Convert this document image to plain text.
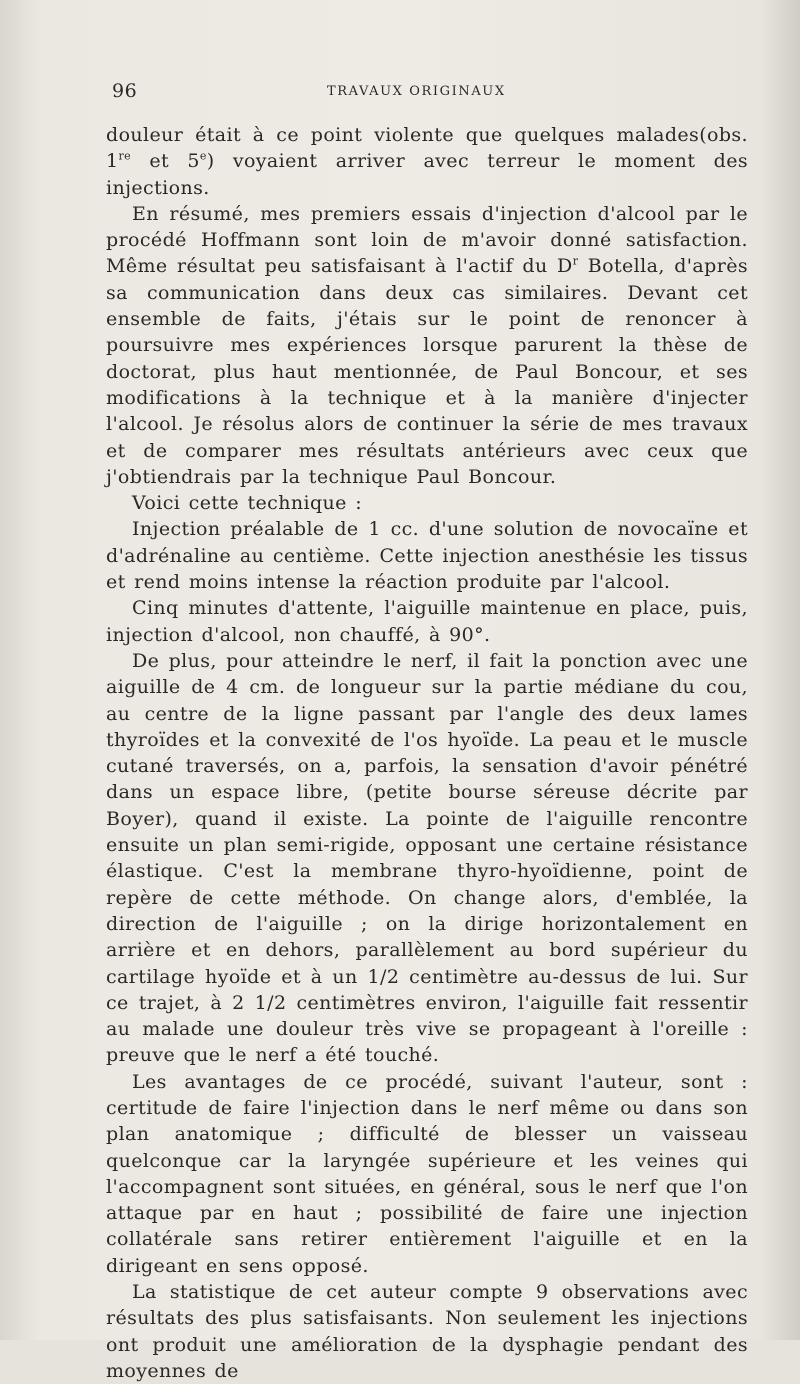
96	TRAVAUX ORIGINAUX

douleur était à ce point violente que quelques malades(obs. 1re et 5e) voyaient arriver avec terreur le moment des injections.

En résumé, mes premiers essais d'injection d'alcool par le procédé Hoffmann sont loin de m'avoir donné satisfaction. Même résultat peu satisfaisant à l'actif du $D^r$ Botella, d'après sa communication dans deux cas similaires. Devant cet ensemble de faits, j'étais sur le point de renoncer à poursuivre mes expériences lorsque parurent la thèse de doctorat, plus haut mentionnée, de Paul Boncour, et ses modifications à la technique et à la manière d'injecter l'alcool. Je résolus alors de continuer la série de mes travaux et de comparer mes résultats antérieurs avec ceux que j'obtiendrais par la technique Paul Boncour.

Voici cette technique :

Injection préalable de 1 cc. d'une solution de novocaïne et d'adrénaline au centième. Cette injection anesthésie les tissus et rend moins intense la réaction produite par l'alcool.

Cinq minutes d'attente, l'aiguille maintenue en place, puis, injection d'alcool, non chauffé, à 90°.

De plus, pour atteindre le nerf, il fait la ponction avec une aiguille de 4 cm. de longueur sur la partie médiane du cou, au centre de la ligne passant par l'angle des deux lames thyroïdes et la convexité de l'os hyoïde. La peau et le muscle cutané traversés, on a, parfois, la sensation d'avoir pénétré dans un espace libre, (petite bourse séreuse décrite par Boyer), quand il existe. La pointe de l'aiguille rencontre ensuite un plan semi-rigide, opposant une certaine résistance élastique. C'est la membrane thyro-hyoïdienne, point de repère de cette méthode. On change alors, d'emblée, la direction de l'aiguille ; on la dirige horizontalement en arrière et en dehors, parallèlement au bord supérieur du cartilage hyoïde et à un 1/2 centimètre au-dessus de lui. Sur ce trajet, à 2 1/2 centimètres environ, l'aiguille fait ressentir au malade une douleur très vive se propageant à l'oreille : preuve que le nerf a été touché.

Les avantages de ce procédé, suivant l'auteur, sont : certitude de faire l'injection dans le nerf même ou dans son plan anatomique ; difficulté de blesser un vaisseau quelconque car la laryngée supérieure et les veines qui l'accompagnent sont situées, en général, sous le nerf que l'on attaque par en haut ; possibilité de faire une injection collatérale sans retirer entièrement l'aiguille et en la dirigeant en sens opposé.

La statistique de cet auteur compte 9 observations avec résultats des plus satisfaisants. Non seulement les injections ont produit une amélioration de la dysphagie pendant des moyennes de
